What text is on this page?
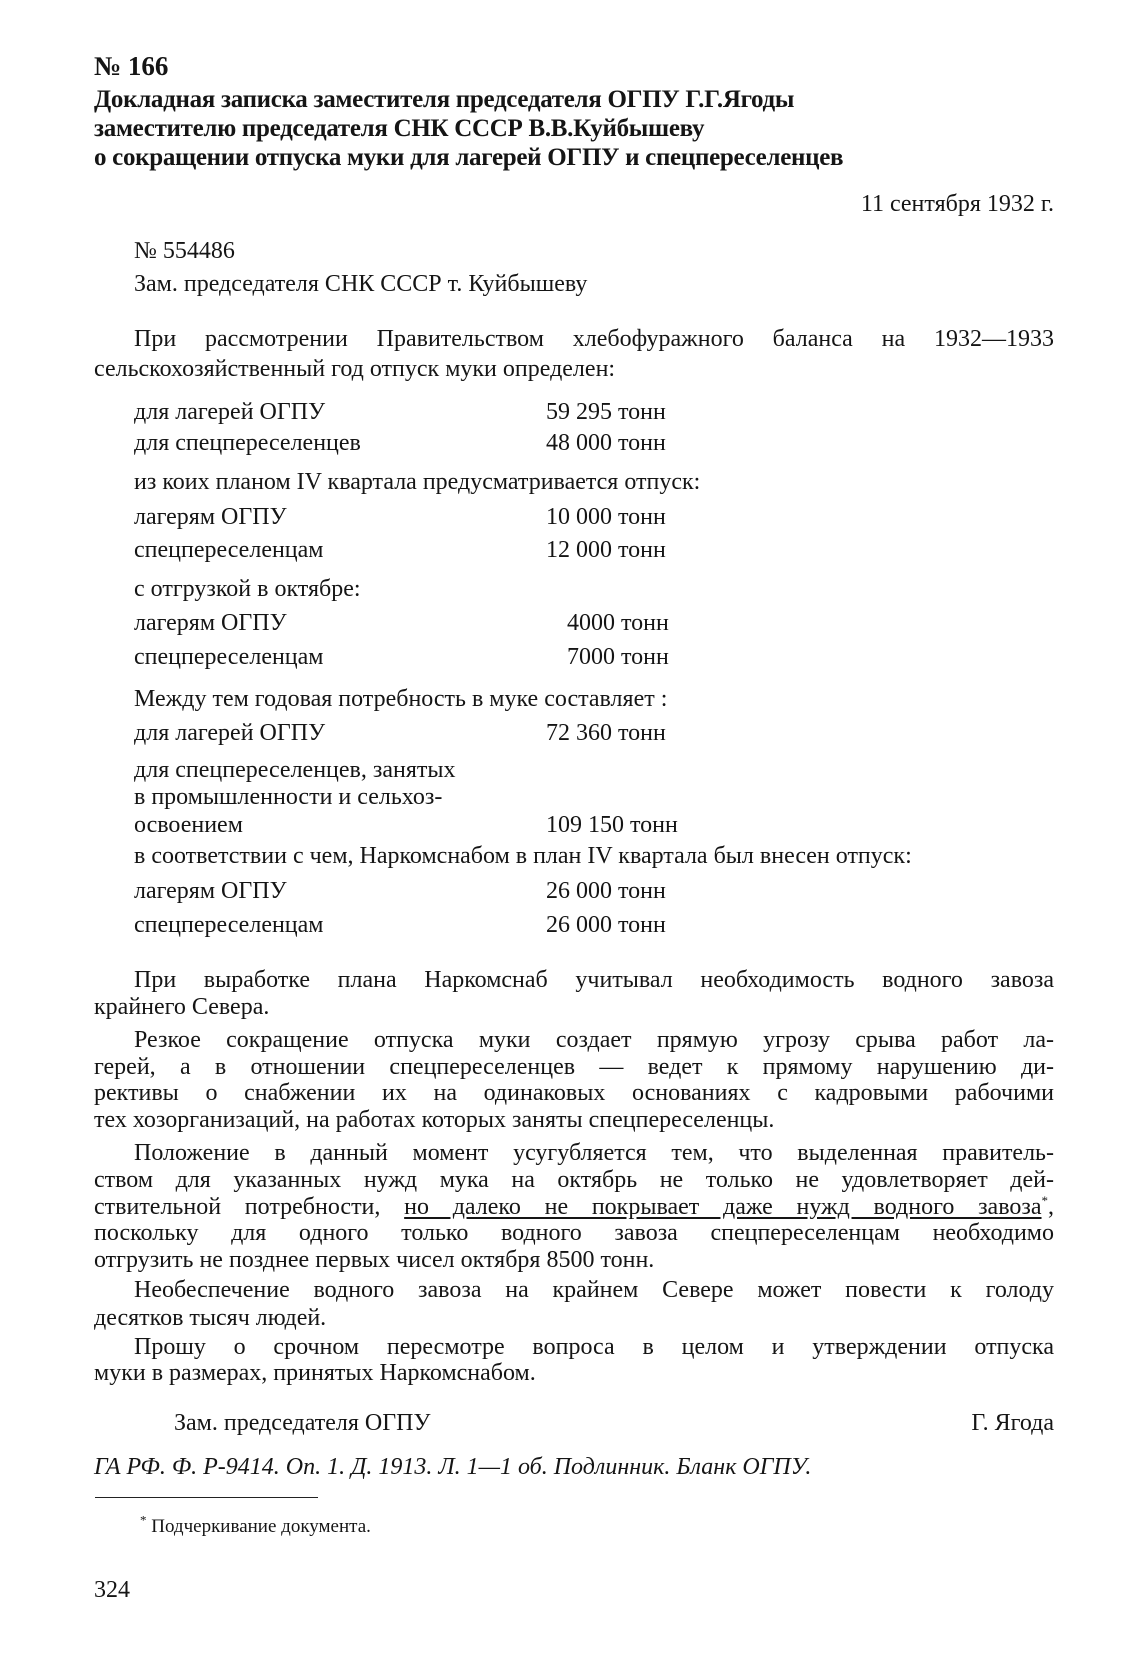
№ 166
Докладная записка заместителя председателя ОГПУ Г.Г.Ягоды
заместителю председателя СНК СССР В.В.Куйбышеву
о сокращении отпуска муки для лагерей ОГПУ и спецпереселенцев
11 сентября 1932 г.
№ 554486
Зам. председателя СНК СССР т. Куйбышеву
При рассмотрении Правительством хлебофуражного баланса на 1932—1933
сельскохозяйственный год отпуск муки определен:
для лагерей ОГПУ	59 295 тонн
для спецпереселенцев	48 000 тонн
из коих планом IV квартала предусматривается отпуск:
лагерям ОГПУ	10 000 тонн
спецпереселенцам	12 000 тонн
с отгрузкой в октябре:
лагерям ОГПУ	4000 тонн
спецпереселенцам	7000 тонн
Между тем годовая потребность в муке составляет :
для лагерей ОГПУ	72 360 тонн
для спецпереселенцев, занятых
в промышленности и сельхоз-
освоением	109 150 тонн
в соответствии с чем, Наркомснабом в план IV квартала был внесен отпуск:
лагерям ОГПУ	26 000 тонн
спецпереселенцам	26 000 тонн
При выработке плана Наркомснаб учитывал необходимость водного завоза
крайнего Севера.
Резкое сокращение отпуска муки создает прямую угрозу срыва работ ла-
герей, а в отношении спецпереселенцев — ведет к прямому нарушению ди-
рективы о снабжении их на одинаковых основаниях с кадровыми рабочими
тех хозорганизаций, на работах которых заняты спецпереселенцы.
Положение в данный момент усугубляется тем, что выделенная правитель-
ством для указанных нужд мука на октябрь не только не удовлетворяет дей-
ствительной потребности, но далеко не покрывает даже нужд водного завоза*,
поскольку для одного только водного завоза спецпереселенцам необходимо
отгрузить не позднее первых чисел октября 8500 тонн.
Необеспечение водного завоза на крайнем Севере может повести к голоду
десятков тысяч людей.
Прошу о срочном пересмотре вопроса в целом и утверждении отпуска
муки в размерах, принятых Наркомснабом.
Зам. председателя ОГПУ	Г. Ягода
ГА РФ. Ф. Р-9414. Оп. 1. Д. 1913. Л. 1—1 об. Подлинник. Бланк ОГПУ.
* Подчеркивание документа.
324
